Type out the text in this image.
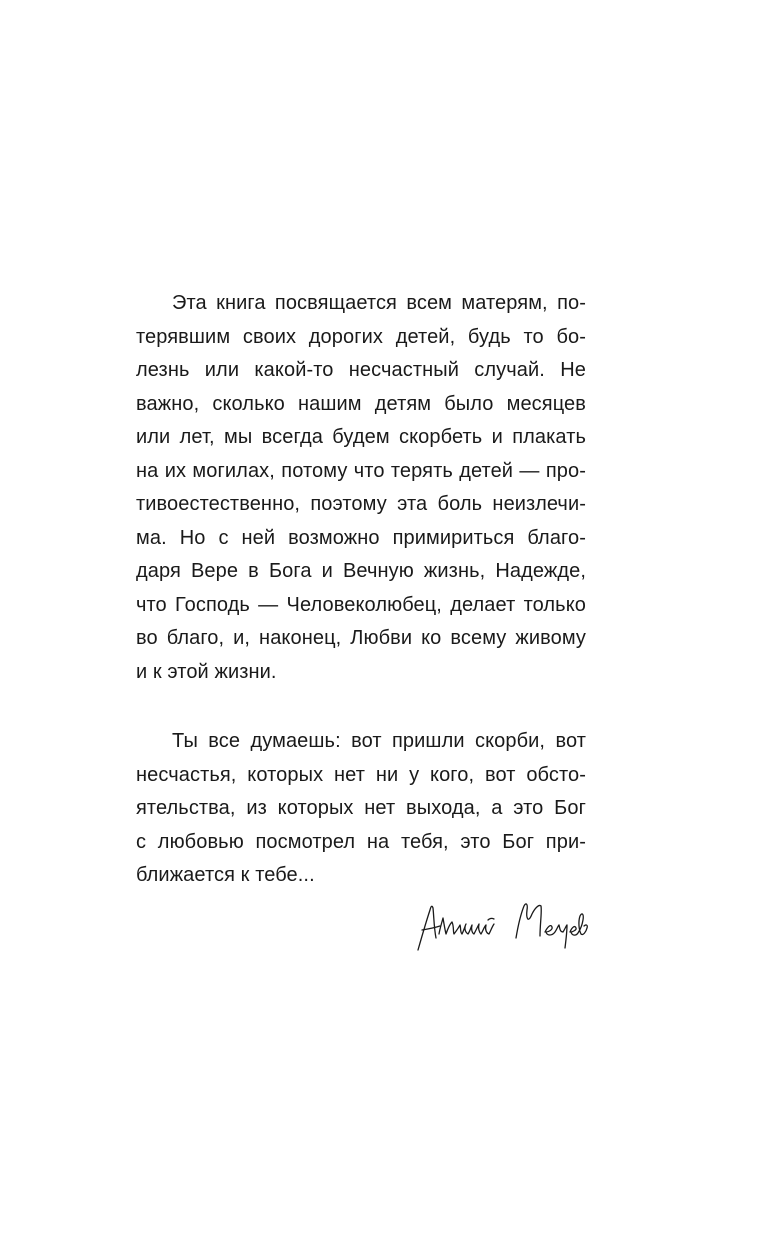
Эта книга посвящается всем матерям, по-
терявшим своих дорогих детей, будь то бо-
лезнь или какой-то несчастный случай. Не
важно, сколько нашим детям было месяцев
или лет, мы всегда будем скорбеть и плакать
на их могилах, потому что терять детей — про-
тивоестественно, поэтому эта боль неизлечи-
ма. Но с ней возможно примириться благо-
даря Вере в Бога и Вечную жизнь, Надежде,
что Господь — Человеколюбец, делает только
во благо, и, наконец, Любви ко всему живому
и к этой жизни.
Ты все думаешь: вот пришли скорби, вот
несчастья, которых нет ни у кого, вот обсто-
ятельства, из которых нет выхода, а это Бог
с любовью посмотрел на тебя, это Бог при-
ближается к тебе...
